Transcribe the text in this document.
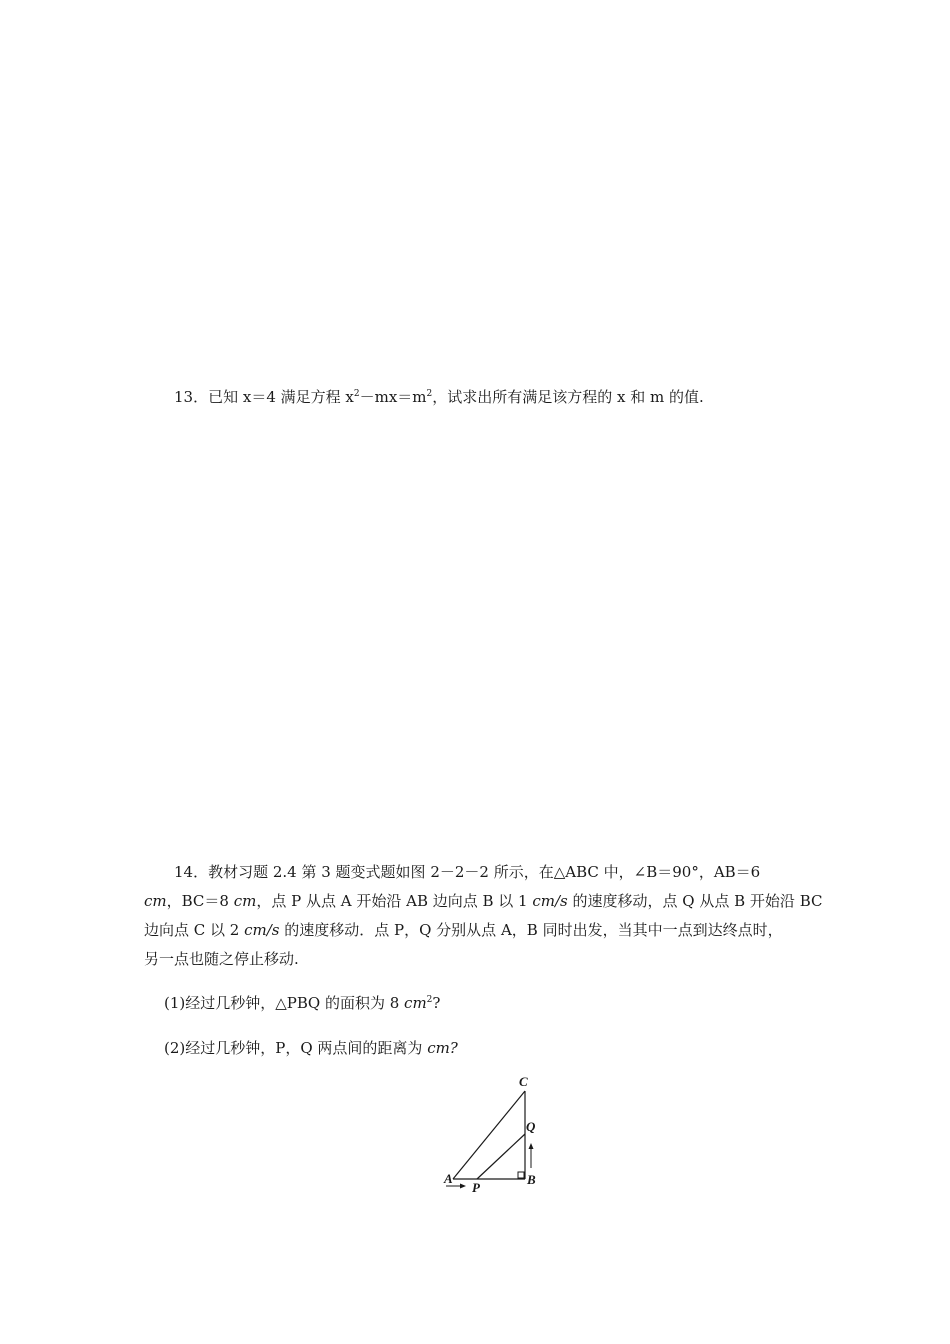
13．已知 x＝4 满足方程 $x^2-mx=m^2$，试求出所有满足该方程的 x 和 m 的值.
14．教材习题 2.4 第 3 题变式题如图 2－2－2 所示，在△ABC 中，∠B＝90°，AB＝6
cm，BC＝8 cm，点 P 从点 A 开始沿 AB 边向点 B 以 1 cm/s 的速度移动，点 Q 从点 B 开始沿 BC
边向点 C 以 2 cm/s 的速度移动．点 P，Q 分别从点 A，B 同时出发，当其中一点到达终点时，
另一点也随之停止移动.
(1)经过几秒钟，△PBQ 的面积为 8 $cm^2$?
(2)经过几秒钟，P，Q 两点间的距离为 cm?
A	B
C
P
Q
